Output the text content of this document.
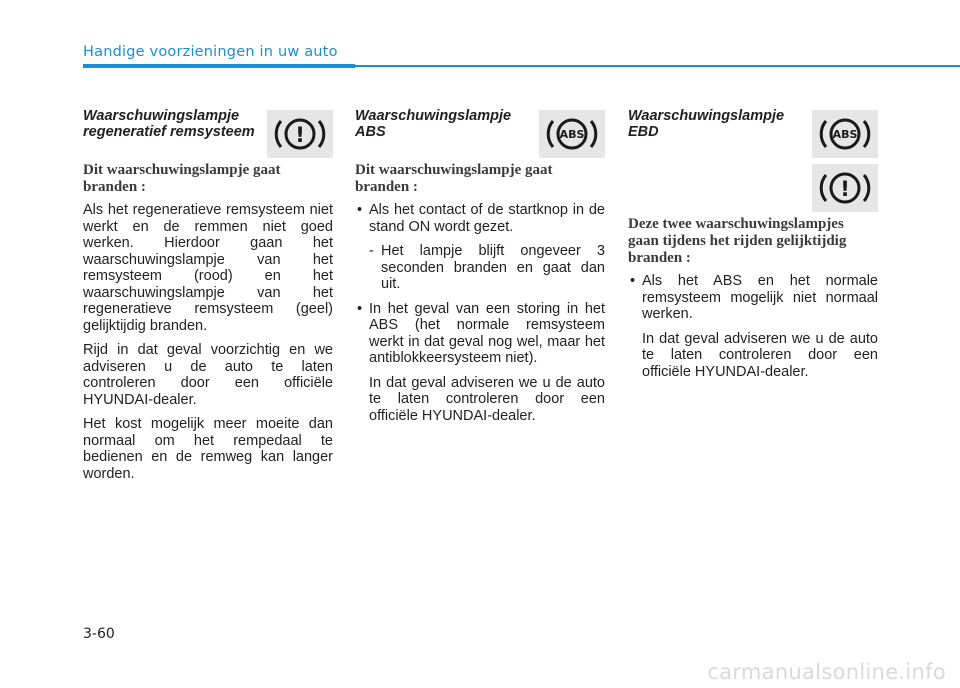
Handige voorzieningen in uw auto
Waarschuwingslampje regeneratief remsysteem !

Dit waarschuwingslampje gaat branden :

Als het regeneratieve remsysteem niet werkt en de remmen niet goed werken. Hierdoor gaan het waarschuwingslampje van het remsysteem (rood) en het waarschuwingslampje van het regeneratieve remsysteem (geel) gelijktijdig branden.

Rijd in dat geval voorzichtig en we adviseren u de auto te laten controleren door een officiële HYUNDAI-dealer.

Het kost mogelijk meer moeite dan normaal om het rempedaal te bedienen en de remweg kan langer worden.

Waarschuwingslampje ABS	ABS

Dit waarschuwingslampje gaat branden :

• Als het contact of de startknop in de stand ON wordt gezet.

- Het lampje blijft ongeveer 3 seconden branden en gaat dan uit.

• In het geval van een storing in het ABS (het normale remsysteem werkt in dat geval nog wel, maar het antiblokkeersysteem niet).

In dat geval adviseren we u de auto te laten controleren door een officiële HYUNDAI-dealer.

Waarschuwingslampje EBD	ABS
!

Deze twee waarschuwingslampjes gaan tijdens het rijden gelijktijdig branden :

• Als het ABS en het normale remsysteem mogelijk niet normaal werken.

In dat geval adviseren we u de auto te laten controleren door een officiële HYUNDAI-dealer.

3-60
carmanualsonline.info
